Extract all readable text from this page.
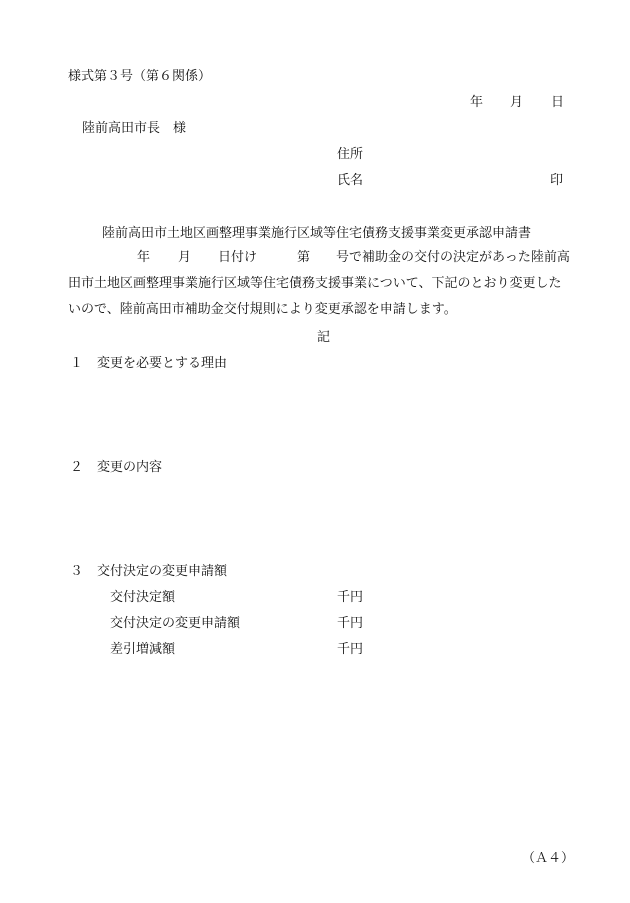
様式第３号（第６関係）
年 月 日
陸前高田市長　様
住所
氏名	印
陸前高田市土地区画整理事業施行区域等住宅債務支援事業変更承認申請書
年 月 日付け	第 号で補助金の交付の決定があった陸前高
田市土地区画整理事業施行区域等住宅債務支援事業について、下記のとおり変更した
いので、陸前高田市補助金交付規則により変更承認を申請します。
記
１ 変更を必要とする理由
２ 変更の内容
３ 交付決定の変更申請額
交付決定額	千円
交付決定の変更申請額	千円
差引増減額	千円
（Ａ４）
